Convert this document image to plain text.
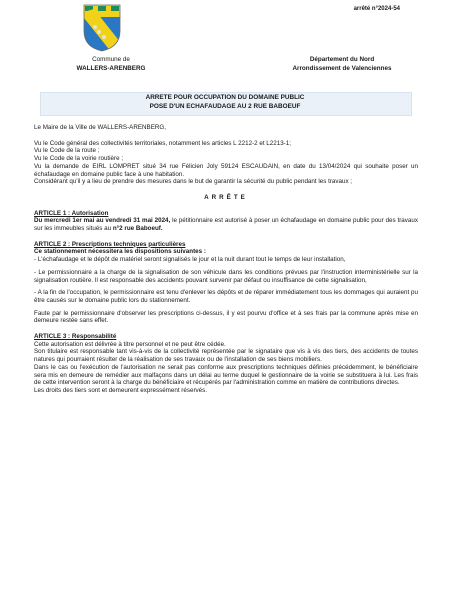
arrêté n°2024-54
Commune de
WALLERS-ARENBERG
Département du Nord
Arrondissement de Valenciennes
ARRETE POUR OCCUPATION DU DOMAINE PUBLIC
POSE D'UN ECHAFAUDAGE AU 2 RUE BABOEUF

Le Maire de la Ville de WALLERS-ARENBERG,

Vu le Code général des collectivités territoriales, notamment les articles L 2212-2 et L2213-1;

Vu le Code de la route ;

Vu le Code de la voirie routière ;

Vu la demande de EIRL LOMPRET situé 34 rue Félicien Joly 59124 ESCAUDAIN, en date du 13/04/2024 qui souhaite poser un échafaudage en domaine public face à une habitation.

Considérant qu'il y a lieu de prendre des mesures dans le but de garantir la sécurité du public pendant les travaux ;

ARRÊTE

ARTICLE 1 : Autorisation

Du mercredi 1er mai au vendredi 31 mai 2024, le pétitionnaire est autorisé à poser un échafaudage en domaine public pour des travaux sur les immeubles situés au n°2 rue Baboeuf.

ARTICLE 2 : Prescriptions techniques particulières

Ce stationnement nécessitera les dispositions suivantes :

- L'échafaudage et le dépôt de matériel seront signalisés le jour et la nuit durant tout le temps de leur installation,

- Le permissionnaire a la charge de la signalisation de son véhicule dans les conditions prévues par l'instruction interministérielle sur la signalisation routière. Il est responsable des accidents pouvant survenir par défaut ou insuffisance de cette signalisation,

- A la fin de l'occupation, le permissionnaire est tenu d'enlever les dépôts et de réparer immédiatement tous les dommages qui auraient pu être causés sur le domaine public lors du stationnement.

Faute par le permissionnaire d'observer les prescriptions ci-dessus, il y est pourvu d'office et à ses frais par la commune après mise en demeure restée sans effet.

ARTICLE 3 : Responsabilité

Cette autorisation est délivrée à titre personnel et ne peut être cédée.

Son titulaire est responsable tant vis-à-vis de la collectivité représentée par le signataire que vis à vis des tiers, des accidents de toutes natures qui pourraient résulter de la réalisation de ses travaux ou de l'installation de ses biens mobiliers.

Dans le cas ou l'exécution de l'autorisation ne serait pas conforme aux prescriptions techniques définies précédemment, le bénéficiaire sera mis en demeure de remédier aux malfaçons dans un délai au terme duquel le gestionnaire de la voirie se substituera à lui. Les frais de cette intervention seront à la charge du bénéficiaire et récupérés par l'administration comme en matière de contributions directes.

Les droits des tiers sont et demeurent expressément réservés.
